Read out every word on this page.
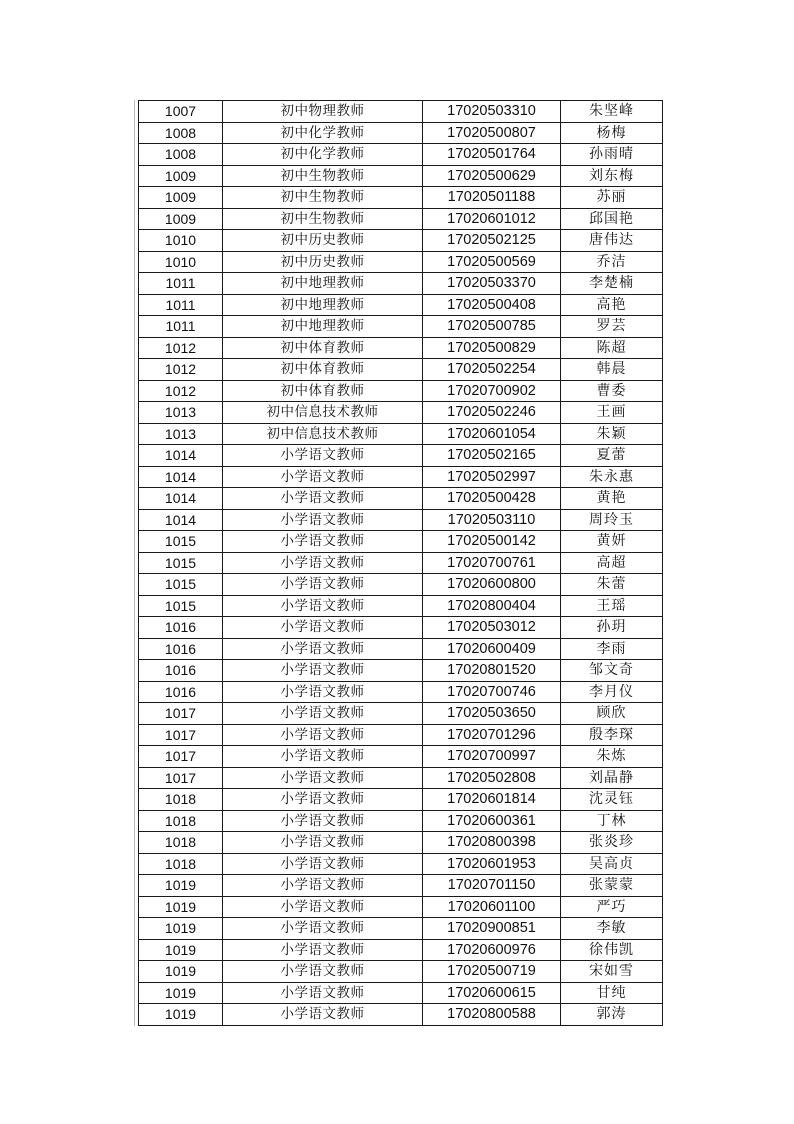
1007	初中物理教师	17020503310	朱坚峰
1008	初中化学教师	17020500807	杨梅
1008	初中化学教师	17020501764	孙雨晴
1009	初中生物教师	17020500629	刘东梅
1009	初中生物教师	17020501188	苏丽
1009	初中生物教师	17020601012	邱国艳
1010	初中历史教师	17020502125	唐伟达
1010	初中历史教师	17020500569	乔洁
1011	初中地理教师	17020503370	李楚楠
1011	初中地理教师	17020500408	高艳
1011	初中地理教师	17020500785	罗芸
1012	初中体育教师	17020500829	陈超
1012	初中体育教师	17020502254	韩晨
1012	初中体育教师	17020700902	曹委
1013	初中信息技术教师	17020502246	王画
1013	初中信息技术教师	17020601054	朱颖
1014	小学语文教师	17020502165	夏蕾
1014	小学语文教师	17020502997	朱永惠
1014	小学语文教师	17020500428	黄艳
1014	小学语文教师	17020503110	周玲玉
1015	小学语文教师	17020500142	黄妍
1015	小学语文教师	17020700761	高超
1015	小学语文教师	17020600800	朱蕾
1015	小学语文教师	17020800404	王瑶
1016	小学语文教师	17020503012	孙玥
1016	小学语文教师	17020600409	李雨
1016	小学语文教师	17020801520	邹文奇
1016	小学语文教师	17020700746	李月仪
1017	小学语文教师	17020503650	顾欣
1017	小学语文教师	17020701296	殷李琛
1017	小学语文教师	17020700997	朱炼
1017	小学语文教师	17020502808	刘晶静
1018	小学语文教师	17020601814	沈灵钰
1018	小学语文教师	17020600361	丁林
1018	小学语文教师	17020800398	张炎珍
1018	小学语文教师	17020601953	吴高贞
1019	小学语文教师	17020701150	张蒙蒙
1019	小学语文教师	17020601100	严巧
1019	小学语文教师	17020900851	李敏
1019	小学语文教师	17020600976	徐伟凯
1019	小学语文教师	17020500719	宋如雪
1019	小学语文教师	17020600615	甘纯
1019	小学语文教师	17020800588	郭涛
